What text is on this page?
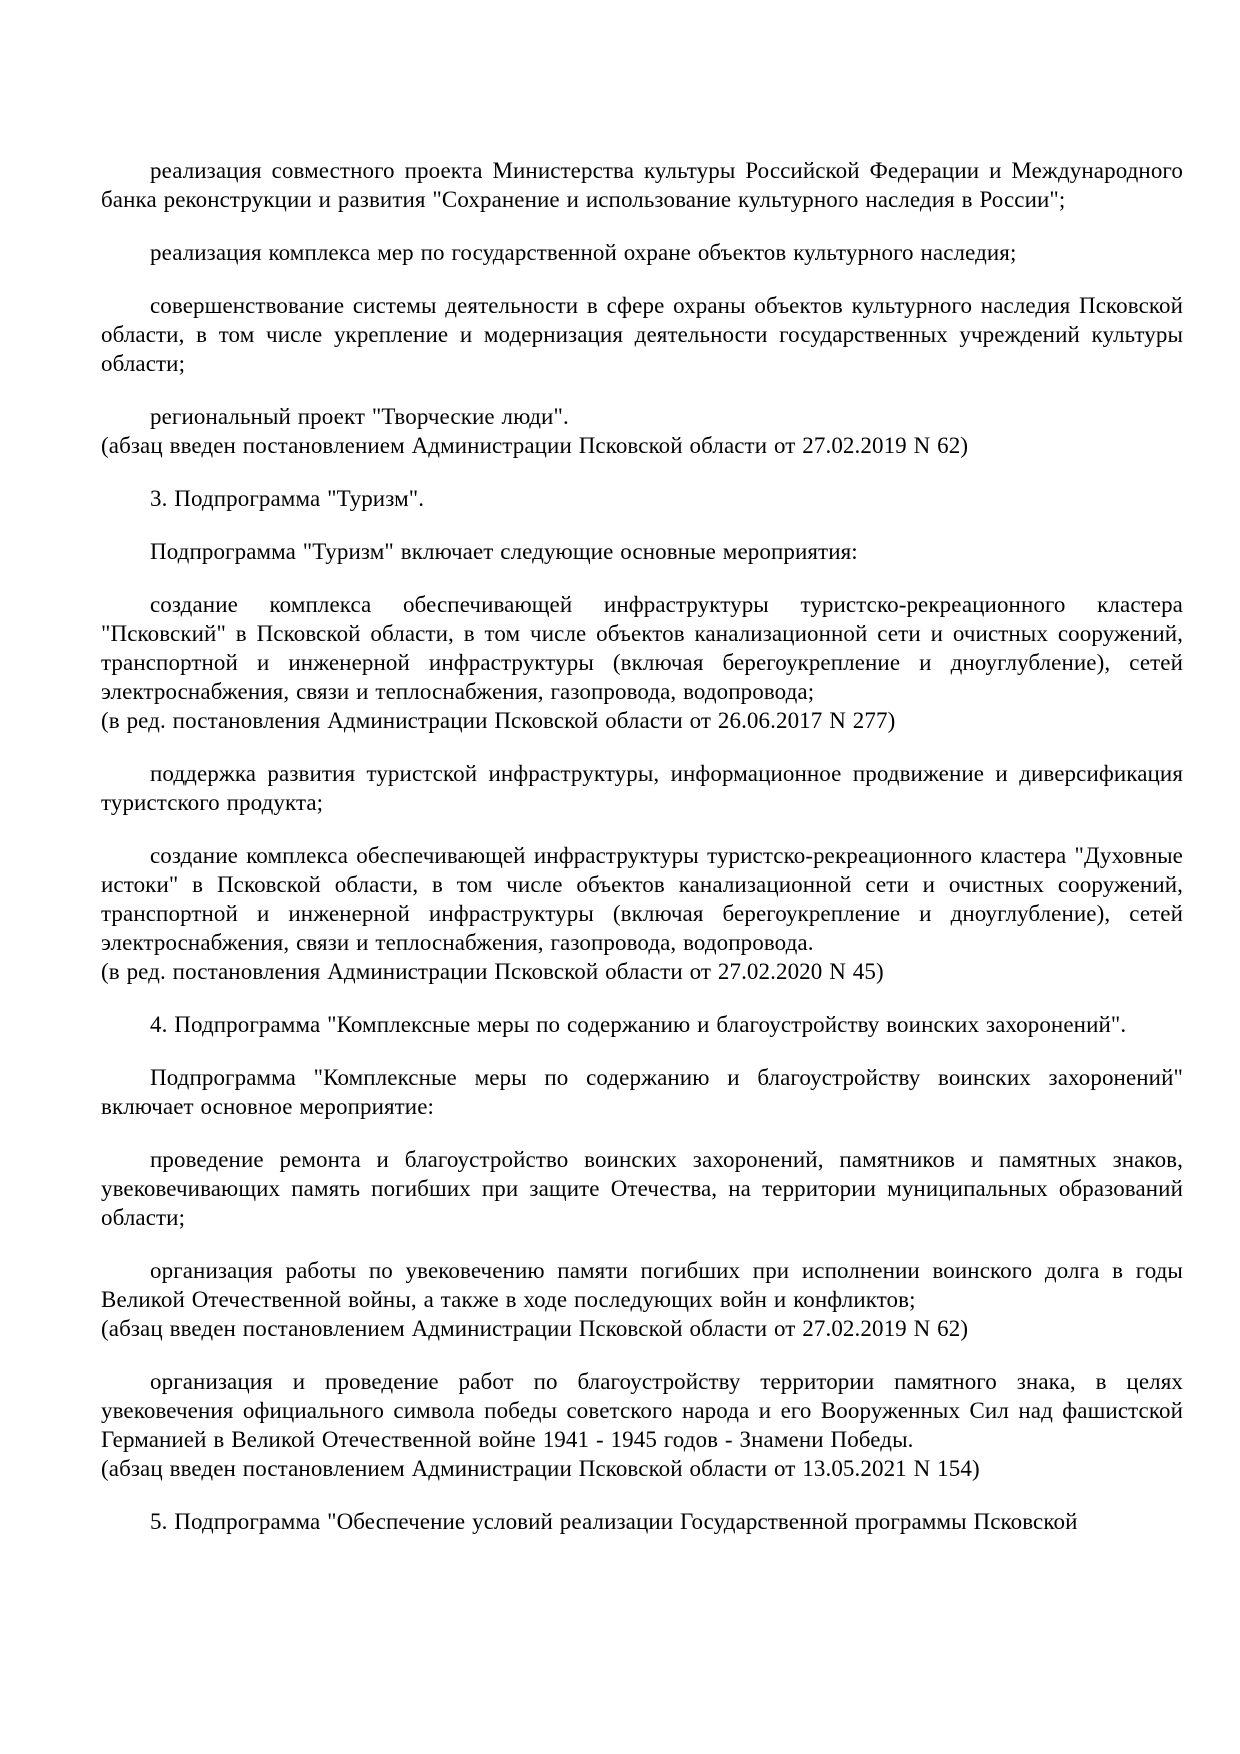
реализация совместного проекта Министерства культуры Российской Федерации и Международного банка реконструкции и развития "Сохранение и использование культурного наследия в России";

реализация комплекса мер по государственной охране объектов культурного наследия;

совершенствование системы деятельности в сфере охраны объектов культурного наследия Псковской области, в том числе укрепление и модернизация деятельности государственных учреждений культуры области;

региональный проект "Творческие люди".

(абзац введен постановлением Администрации Псковской области от 27.02.2019 N 62)

3. Подпрограмма "Туризм".

Подпрограмма "Туризм" включает следующие основные мероприятия:

создание комплекса обеспечивающей инфраструктуры туристско-рекреационного кластера "Псковский" в Псковской области, в том числе объектов канализационной сети и очистных сооружений, транспортной и инженерной инфраструктуры (включая берегоукрепление и дноуглубление), сетей электроснабжения, связи и теплоснабжения, газопровода, водопровода;

(в ред. постановления Администрации Псковской области от 26.06.2017 N 277)

поддержка развития туристской инфраструктуры, информационное продвижение и диверсификация туристского продукта;

создание комплекса обеспечивающей инфраструктуры туристско-рекреационного кластера "Духовные истоки" в Псковской области, в том числе объектов канализационной сети и очистных сооружений, транспортной и инженерной инфраструктуры (включая берегоукрепление и дноуглубление), сетей электроснабжения, связи и теплоснабжения, газопровода, водопровода.

(в ред. постановления Администрации Псковской области от 27.02.2020 N 45)

4. Подпрограмма "Комплексные меры по содержанию и благоустройству воинских захоронений".

Подпрограмма "Комплексные меры по содержанию и благоустройству воинских захоронений" включает основное мероприятие:

проведение ремонта и благоустройство воинских захоронений, памятников и памятных знаков, увековечивающих память погибших при защите Отечества, на территории муниципальных образований области;

организация работы по увековечению памяти погибших при исполнении воинского долга в годы Великой Отечественной войны, а также в ходе последующих войн и конфликтов;

(абзац введен постановлением Администрации Псковской области от 27.02.2019 N 62)

организация и проведение работ по благоустройству территории памятного знака, в целях увековечения официального символа победы советского народа и его Вооруженных Сил над фашистской Германией в Великой Отечественной войне 1941 - 1945 годов - Знамени Победы.

(абзац введен постановлением Администрации Псковской области от 13.05.2021 N 154)

5. Подпрограмма "Обеспечение условий реализации Государственной программы Псковской
